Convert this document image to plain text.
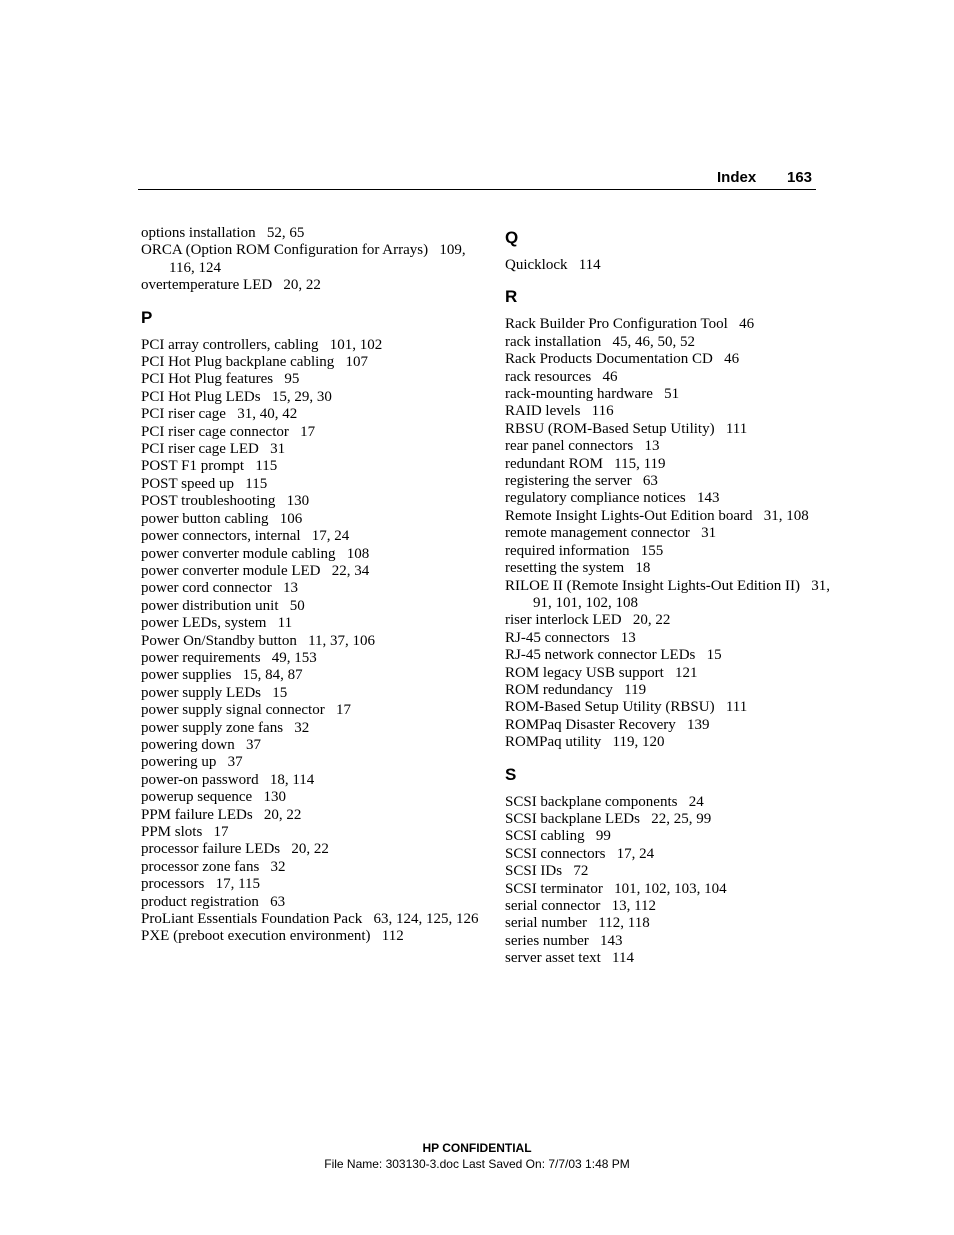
Index 163
options installation   52, 65
ORCA (Option ROM Configuration for Arrays)   109, 116, 124
overtemperature LED   20, 22
P
PCI array controllers, cabling   101, 102
PCI Hot Plug backplane cabling   107
PCI Hot Plug features   95
PCI Hot Plug LEDs   15, 29, 30
PCI riser cage   31, 40, 42
PCI riser cage connector   17
PCI riser cage LED   31
POST F1 prompt   115
POST speed up   115
POST troubleshooting   130
power button cabling   106
power connectors, internal   17, 24
power converter module cabling   108
power converter module LED   22, 34
power cord connector   13
power distribution unit   50
power LEDs, system   11
Power On/Standby button   11, 37, 106
power requirements   49, 153
power supplies   15, 84, 87
power supply LEDs   15
power supply signal connector   17
power supply zone fans   32
powering down   37
powering up   37
power-on password   18, 114
powerup sequence   130
PPM failure LEDs   20, 22
PPM slots   17
processor failure LEDs   20, 22
processor zone fans   32
processors   17, 115
product registration   63
ProLiant Essentials Foundation Pack   63, 124, 125, 126
PXE (preboot execution environment)   112
Q
Quicklock   114
R
Rack Builder Pro Configuration Tool   46
rack installation   45, 46, 50, 52
Rack Products Documentation CD   46
rack resources   46
rack-mounting hardware   51
RAID levels   116
RBSU (ROM-Based Setup Utility)   111
rear panel connectors   13
redundant ROM   115, 119
registering the server   63
regulatory compliance notices   143
Remote Insight Lights-Out Edition board   31, 108
remote management connector   31
required information   155
resetting the system   18
RILOE II (Remote Insight Lights-Out Edition II)   31, 91, 101, 102, 108
riser interlock LED   20, 22
RJ-45 connectors   13
RJ-45 network connector LEDs   15
ROM legacy USB support   121
ROM redundancy   119
ROM-Based Setup Utility (RBSU)   111
ROMPaq Disaster Recovery   139
ROMPaq utility   119, 120
S
SCSI backplane components   24
SCSI backplane LEDs   22, 25, 99
SCSI cabling   99
SCSI connectors   17, 24
SCSI IDs   72
SCSI terminator   101, 102, 103, 104
serial connector   13, 112
serial number   112, 118
series number   143
server asset text   114
HP CONFIDENTIAL
File Name: 303130-3.doc Last Saved On: 7/7/03 1:48 PM
